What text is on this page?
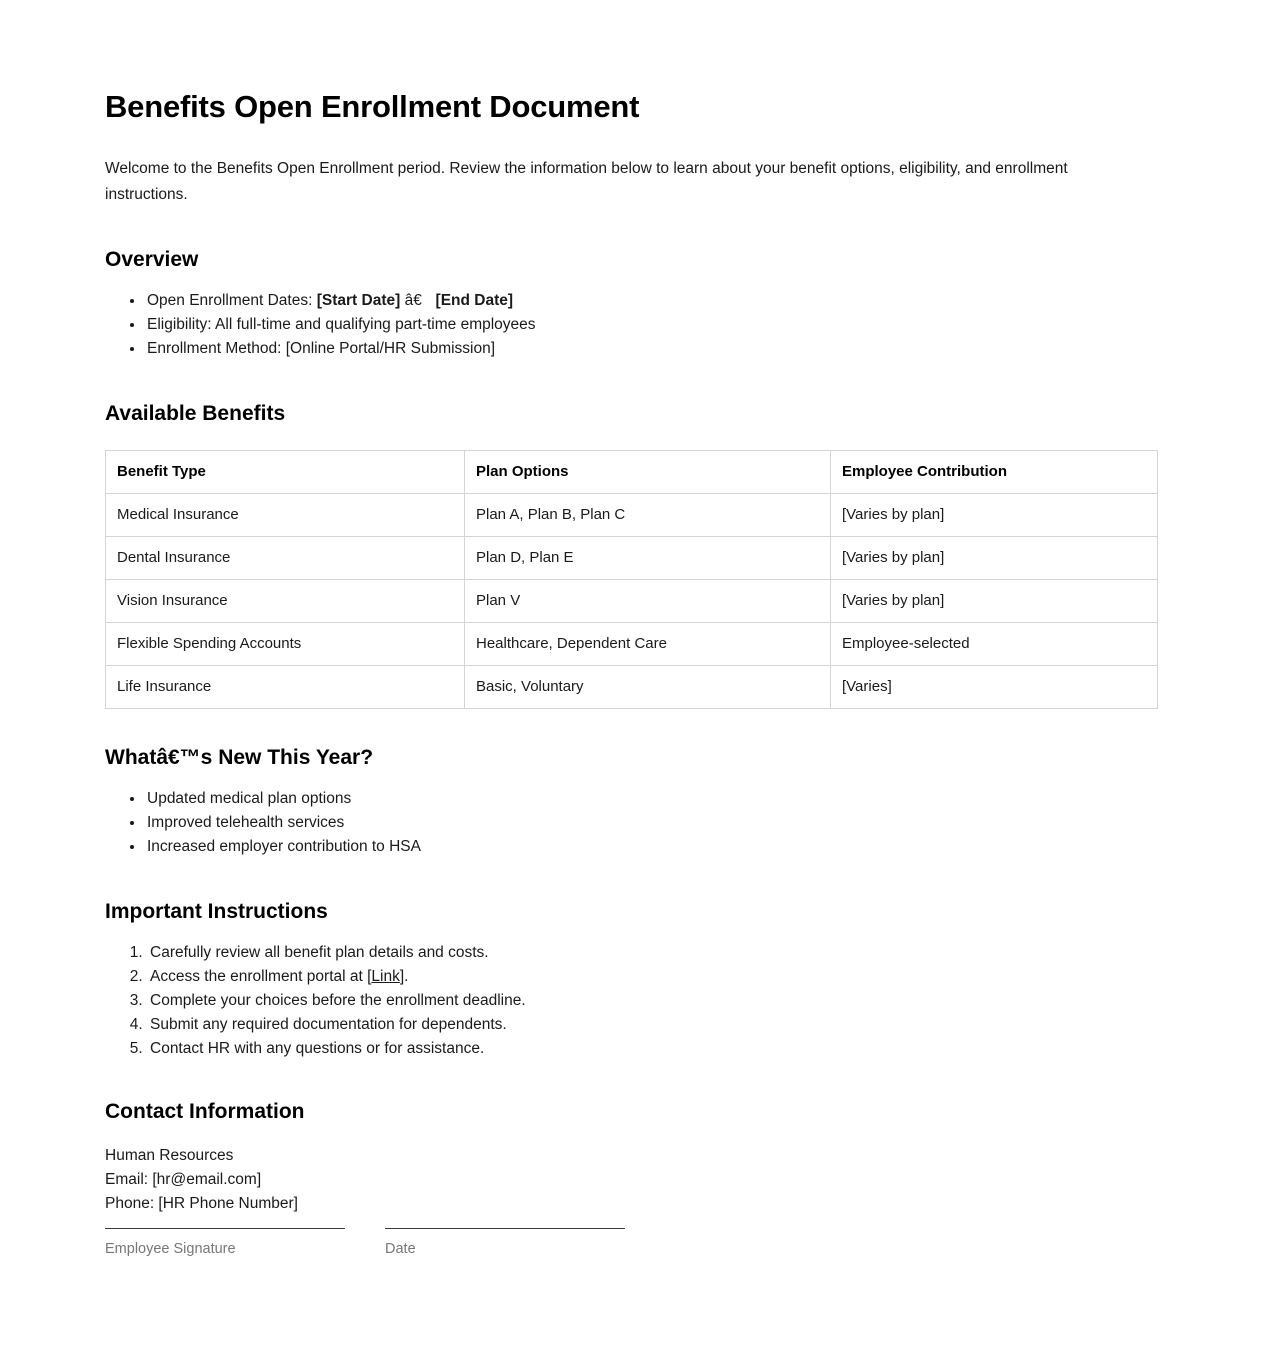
Benefits Open Enrollment Document

Welcome to the Benefits Open Enrollment period. Review the information below to learn about your benefit options, eligibility, and enrollment instructions.

Overview
• Open Enrollment Dates: [Start Date] â€ [End Date]
• Eligibility: All full-time and qualifying part-time employees
• Enrollment Method: [Online Portal/HR Submission]
Available Benefits
Benefit Type	Plan Options	Employee Contribution
Medical Insurance	Plan A, Plan B, Plan C	[Varies by plan]
Dental Insurance	Plan D, Plan E	[Varies by plan]
Vision Insurance	Plan V	[Varies by plan]
Flexible Spending Accounts	Healthcare, Dependent Care	Employee-selected
Life Insurance	Basic, Voluntary	[Varies]
Whatâ€™s New This Year?
• Updated medical plan options
• Improved telehealth services
• Increased employer contribution to HSA
Important Instructions
1. Carefully review all benefit plan details and costs.
2. Access the enrollment portal at [Link].
3. Complete your choices before the enrollment deadline.
4. Submit any required documentation for dependents.
5. Contact HR with any questions or for assistance.
Contact Information
Human Resources
Email: [hr@email.com]
Phone: [HR Phone Number]
Employee Signature	Date
